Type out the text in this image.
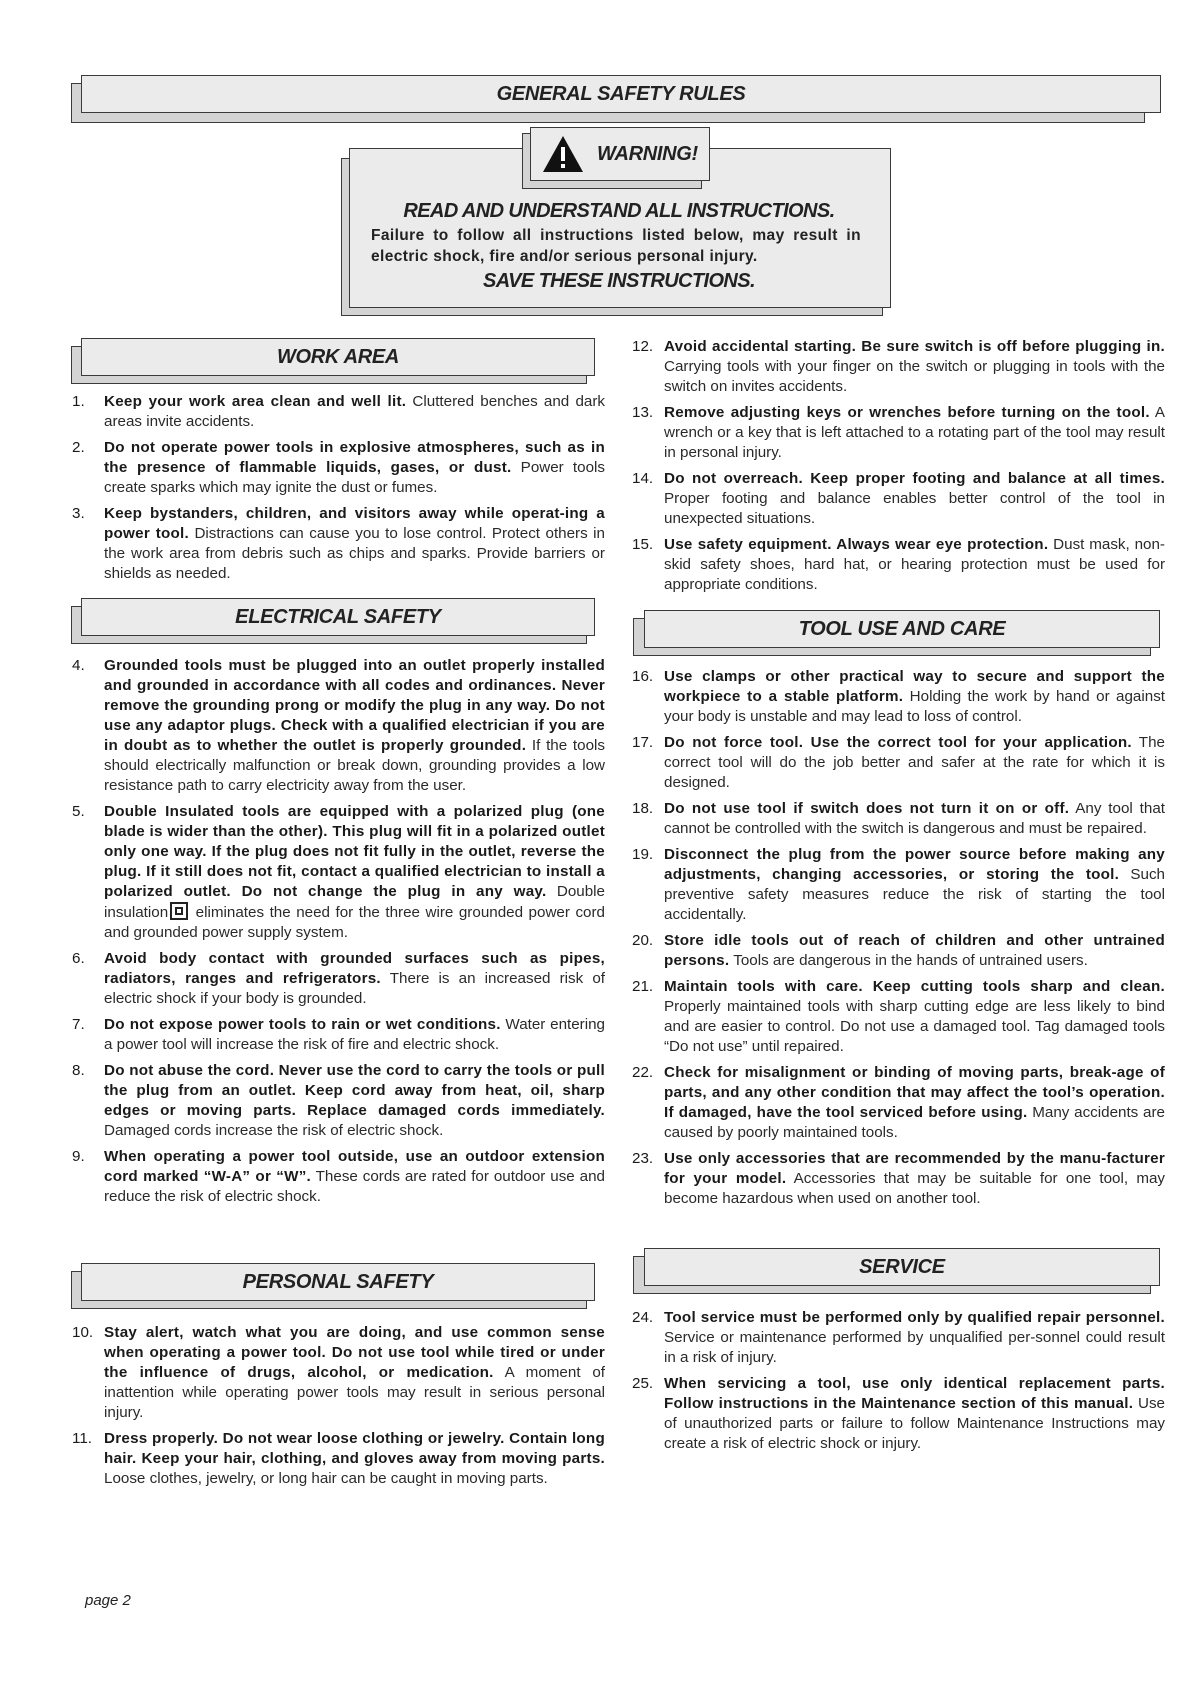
GENERAL SAFETY RULES
WARNING!
READ AND UNDERSTAND ALL INSTRUCTIONS.
Failure to follow all instructions listed below, may result in electric shock, fire and/or serious personal injury.
SAVE THESE INSTRUCTIONS.
WORK AREA
ELECTRICAL SAFETY
PERSONAL SAFETY
TOOL USE AND CARE
SERVICE
1.	Keep your work area clean and well lit. Cluttered benches and dark areas invite accidents.
2.	Do not operate power tools in explosive atmospheres, such as in the presence of flammable liquids, gases, or dust. Power tools create sparks which may ignite the dust or fumes.
3.	Keep bystanders, children, and visitors away while operat-ing a power tool. Distractions can cause you to lose control. Protect others in the work area from debris such as chips and sparks. Provide barriers or shields as needed.
4.	Grounded tools must be plugged into an outlet properly installed and grounded in accordance with all codes and ordinances. Never remove the grounding prong or modify the plug in any way. Do not use any adaptor plugs. Check with a qualified electrician if you are in doubt as to whether the outlet is properly grounded. If the tools should electrically malfunction or break down, grounding provides a low resistance path to carry electricity away from the user.
5.	Double Insulated tools are equipped with a polarized plug (one blade is wider than the other). This plug will fit in a polarized outlet only one way. If the plug does not fit fully in the outlet, reverse the plug. If it still does not fit, contact a qualified electrician to install a polarized outlet. Do not change the plug in any way. Double insulation
eliminates the need for the three wire grounded power cord and grounded power supply system.
6.	Avoid body contact with grounded surfaces such as pipes, radiators, ranges and refrigerators. There is an increased risk of electric shock if your body is grounded.
7.	Do not expose power tools to rain or wet conditions. Water entering a power tool will increase the risk of fire and electric shock.
8.	Do not abuse the cord. Never use the cord to carry the tools or pull the plug from an outlet. Keep cord away from heat, oil, sharp edges or moving parts. Replace damaged cords immediately. Damaged cords increase the risk of electric shock.
9.	When operating a power tool outside, use an outdoor extension cord marked “W-A” or “W”. These cords are rated for outdoor use and reduce the risk of electric shock.
10. Stay alert, watch what you are doing, and use common sense when operating a power tool. Do not use tool while tired or under the influence of drugs, alcohol, or medication. A moment of inattention while operating power tools may result in serious personal injury.
11. Dress properly. Do not wear loose clothing or jewelry. Contain long hair. Keep your hair, clothing, and gloves away from moving parts. Loose clothes, jewelry, or long hair can be caught in moving parts.
12. Avoid accidental starting. Be sure switch is off before plugging in. Carrying tools with your finger on the switch or plugging in tools with the switch on invites accidents.
13. Remove adjusting keys or wrenches before turning on the tool. A wrench or a key that is left attached to a rotating part of the tool may result in personal injury.
14. Do not overreach. Keep proper footing and balance at all times. Proper footing and balance enables better control of the tool in unexpected situations.
15. Use safety equipment. Always wear eye protection. Dust mask, non-skid safety shoes, hard hat, or hearing protection must be used for appropriate conditions.
16. Use clamps or other practical way to secure and support the workpiece to a stable platform. Holding the work by hand or against your body is unstable and may lead to loss of control.
17. Do not force tool. Use the correct tool for your application. The correct tool will do the job better and safer at the rate for which it is designed.
18. Do not use tool if switch does not turn it on or off. Any tool that cannot be controlled with the switch is dangerous and must be repaired.
19. Disconnect the plug from the power source before making any adjustments, changing accessories, or storing the tool. Such preventive safety measures reduce the risk of starting the tool accidentally.
20. Store idle tools out of reach of children and other untrained persons. Tools are dangerous in the hands of untrained users.
21. Maintain tools with care. Keep cutting tools sharp and clean. Properly maintained tools with sharp cutting edge are less likely to bind and are easier to control. Do not use a damaged tool. Tag damaged tools “Do not use” until repaired.
22. Check for misalignment or binding of moving parts, break-age of parts, and any other condition that may affect the tool’s operation. If damaged, have the tool serviced before using. Many accidents are caused by poorly maintained tools.
23. Use only accessories that are recommended by the manu-facturer for your model. Accessories that may be suitable for one tool, may become hazardous when used on another tool.
24. Tool service must be performed only by qualified repair personnel. Service or maintenance performed by unqualified per-sonnel could result in a risk of injury.
25. When servicing a tool, use only identical replacement parts. Follow instructions in the Maintenance section of this manual. Use of unauthorized parts or failure to follow Maintenance Instructions may create a risk of electric shock or injury.
page 2
